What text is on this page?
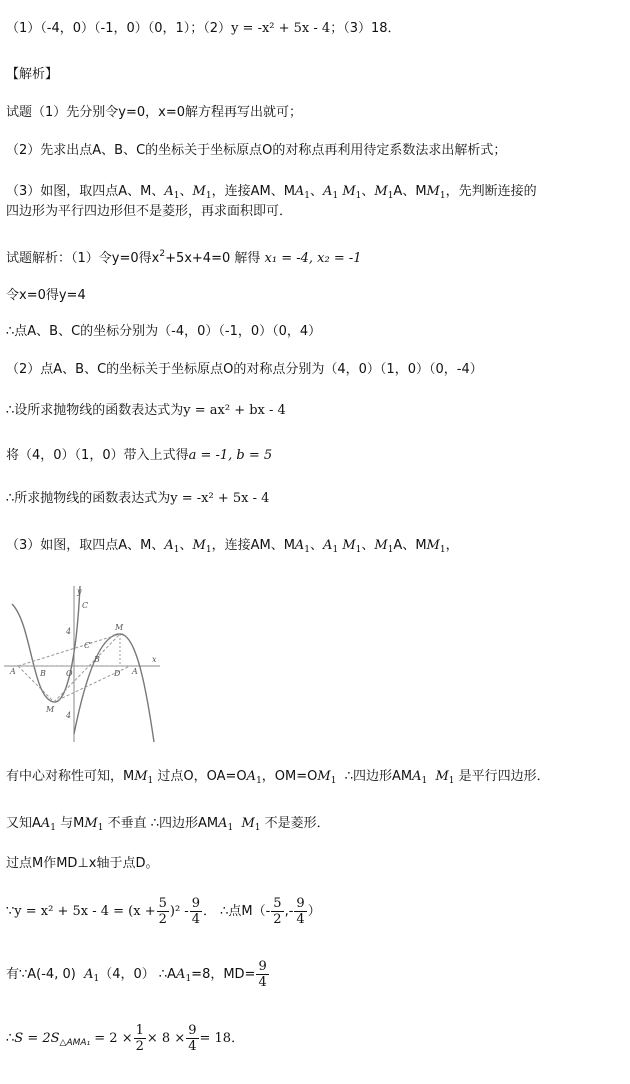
（1）（-4，0）（-1，0）（0，1）；（2）y = -x² + 5x - 4；（3）18．
【解析】
试题（1）先分别令y=0，x=0解方程再写出就可；
（2）先求出点A、B、C的坐标关于坐标原点O的对称点再利用待定系数法求出解析式；
（3）如图，取四点A、M、$A_1$、$M_1$，连接AM、$MA_1$、$A_1$ $M_1$、$M_1A$、$MM_1$，先判断连接的
四边形为平行四边形但不是菱形，再求面积即可．
试题解析：（1）令y=0得$x^2+5x+4=0$ 解得 x₁ = -4, x₂ = -1
令x=0得y=4
∴点A、B、C的坐标分别为（-4，0）（-1，0）（0，4）
（2）点A、B、C的坐标关于坐标原点O的对称点分别为（4，0）（1，0）（0，-4）
∴设所求抛物线的函数表达式为y = ax² + bx - 4
将（4，0）（1，0）带入上式得a = -1, b = 5
∴所求抛物线的函数表达式为y = -x² + 5x - 4
（3）如图，取四点A、M、$A_1$、$M_1$，连接AM、$MA_1$、$A_1$ $M_1$、$M_1A$、$MM_1$，
C
C′
M
M
A	A
B
B
D
O
x
y
4
4
有中心对称性可知，$MM_1$ 过点O，$OA=OA_1$，$OM=OM_1$ ∴四边形$AMA_1$ $M_1$ 是平行四边形．
又知$AA_1$ 与$MM_1$ 不垂直 ∴四边形$AMA_1$ $M_1$ 不是菱形．
过点M作MD⊥x轴于点D。
∵y = $x^2 + 5x - 4 = (x + \frac{5}{2} )^2 - \frac{9}{4}$ ． ∴点$M(- \frac{5}{2}$ ,- $\frac{9}{4}$ ）
有∵A(-4, 0) $A_1(4$，0） $\therefore AA_1=8$，$MD= \frac{9}{4}$
∴S = $2S_{\triangle AMA_1} = 2 \times \frac{1}{2} \times 8 \times \frac{9}{4} = 18$．
